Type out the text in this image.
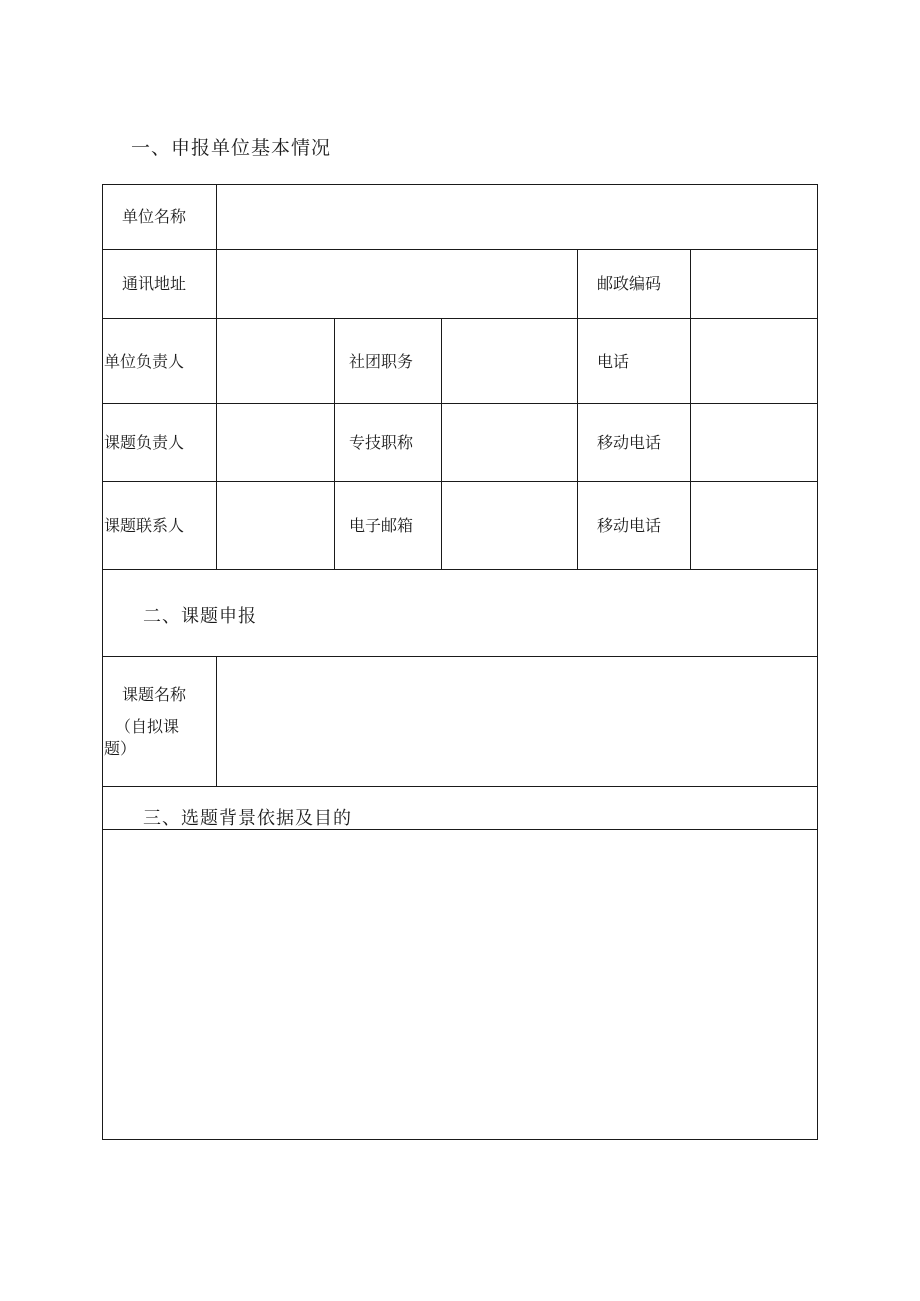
一、申报单位基本情况
单位名称
通讯地址	邮政编码
单位负责人	社团职务	电话
课题负责人	专技职称	移动电话
课题联系人	电子邮箱	移动电话
二、课题申报
课题名称
（自拟课
题）
三、选题背景依据及目的
